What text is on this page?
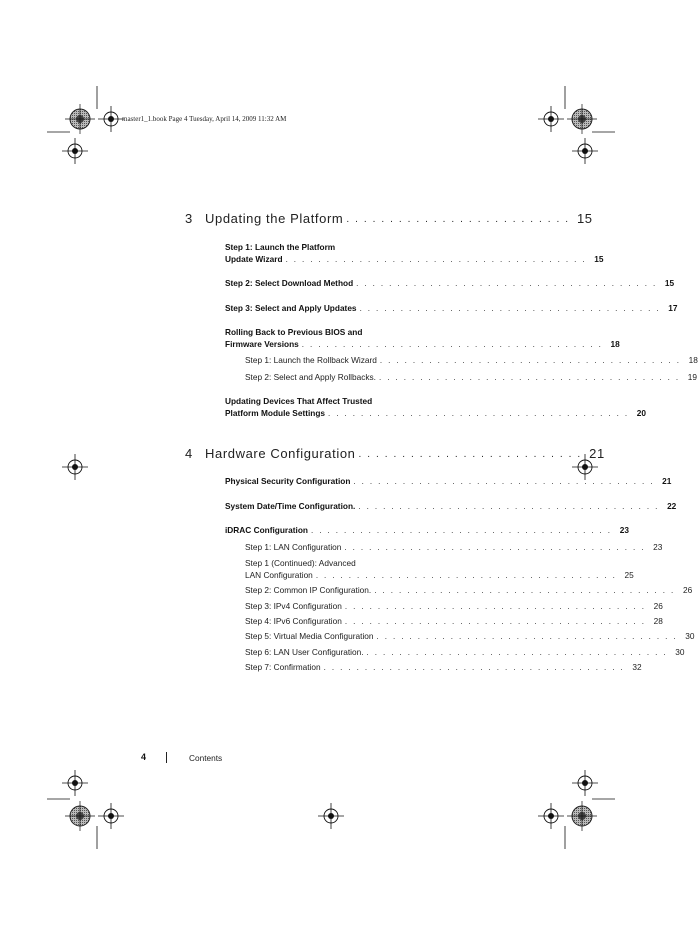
master1_1.book Page 4 Tuesday, April 14, 2009 11:32 AM
3 Updating the Platform . . . . . . . . . . . . . . . . . . . . . . . . . . 15
Step 1: Launch the Platform
Update Wizard . . . . . . . . . . . . . . . . . . . . . . . . . . . . . . . . . . . . . 15
Step 2: Select Download Method . . . . . . . . . . . . . . . . . . . . . . . . . . . . . . . . . . . . . 15
Step 3: Select and Apply Updates . . . . . . . . . . . . . . . . . . . . . . . . . . . . . . . . . . . . . 17
Rolling Back to Previous BIOS and
Firmware Versions . . . . . . . . . . . . . . . . . . . . . . . . . . . . . . . . . . . . . 18
Step 1: Launch the Rollback Wizard . . . . . . . . . . . . . . . . . . . . . . . . . . . . . . . . . . . . . 18
Step 2: Select and Apply Rollbacks. . . . . . . . . . . . . . . . . . . . . . . . . . . . . . . . . . . . . . 19
Updating Devices That Affect Trusted
Platform Module Settings . . . . . . . . . . . . . . . . . . . . . . . . . . . . . . . . . . . . . 20
4 Hardware Configuration . . . . . . . . . . . . . . . . . . . . . . . . . . 21
Physical Security Configuration . . . . . . . . . . . . . . . . . . . . . . . . . . . . . . . . . . . . . 21
System Date/Time Configuration. . . . . . . . . . . . . . . . . . . . . . . . . . . . . . . . . . . . . . 22
iDRAC Configuration . . . . . . . . . . . . . . . . . . . . . . . . . . . . . . . . . . . . . 23
Step 1: LAN Configuration . . . . . . . . . . . . . . . . . . . . . . . . . . . . . . . . . . . . . 23
Step 1 (Continued): Advanced
LAN Configuration . . . . . . . . . . . . . . . . . . . . . . . . . . . . . . . . . . . . . 25
Step 2: Common IP Configuration. . . . . . . . . . . . . . . . . . . . . . . . . . . . . . . . . . . . . . 26
Step 3: IPv4 Configuration . . . . . . . . . . . . . . . . . . . . . . . . . . . . . . . . . . . . . 26
Step 4: IPv6 Configuration . . . . . . . . . . . . . . . . . . . . . . . . . . . . . . . . . . . . . 28
Step 5: Virtual Media Configuration . . . . . . . . . . . . . . . . . . . . . . . . . . . . . . . . . . . . . 30
Step 6: LAN User Configuration. . . . . . . . . . . . . . . . . . . . . . . . . . . . . . . . . . . . . . 30
Step 7: Confirmation . . . . . . . . . . . . . . . . . . . . . . . . . . . . . . . . . . . . . 32
4	Contents
